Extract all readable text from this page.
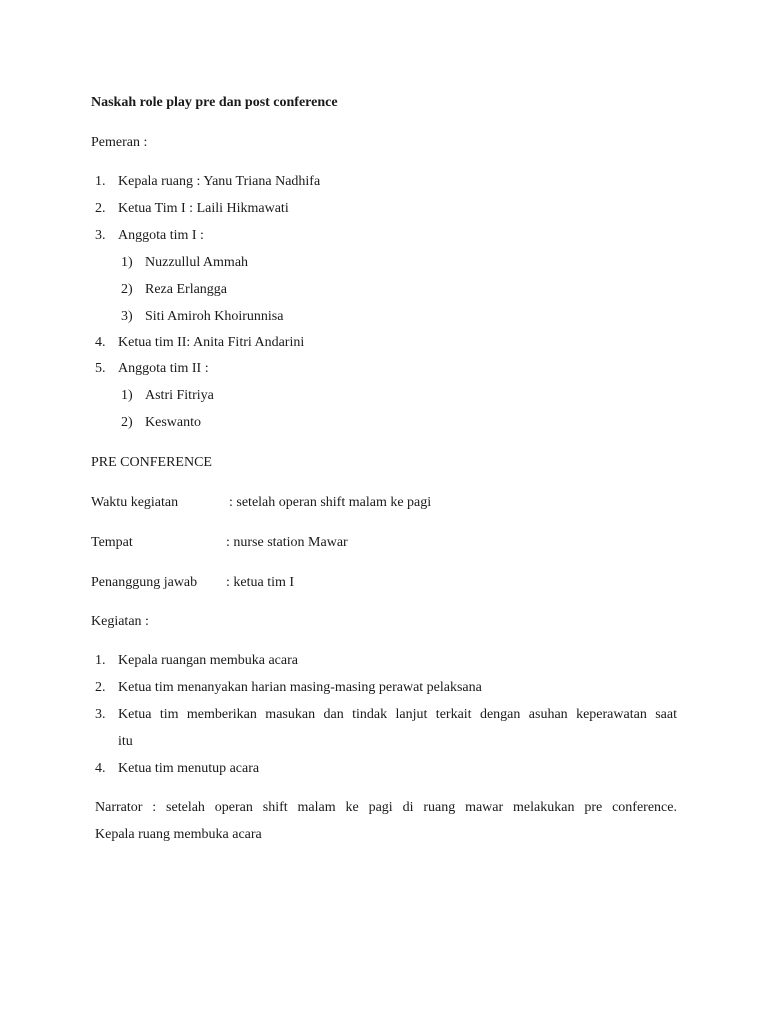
Naskah role play pre dan post conference
Pemeran :
1. Kepala ruang : Yanu Triana Nadhifa
2. Ketua Tim I : Laili Hikmawati
3. Anggota tim I :
1) Nuzzullul Ammah
2) Reza Erlangga
3) Siti Amiroh Khoirunnisa
4. Ketua tim II: Anita Fitri Andarini
5. Anggota tim II :
1) Astri Fitriya
2) Keswanto
PRE CONFERENCE
Waktu kegiatan	: setelah operan shift malam ke pagi
Tempat	: nurse station Mawar
Penanggung jawab : ketua tim I
Kegiatan :
1. Kepala ruangan membuka acara
2. Ketua tim menanyakan harian masing-masing perawat pelaksana
3. Ketua tim memberikan masukan dan tindak lanjut terkait dengan asuhan keperawatan saat
itu
4. Ketua tim menutup acara
Narrator : setelah operan shift malam ke pagi di ruang mawar melakukan pre conference.
Kepala ruang membuka acara
